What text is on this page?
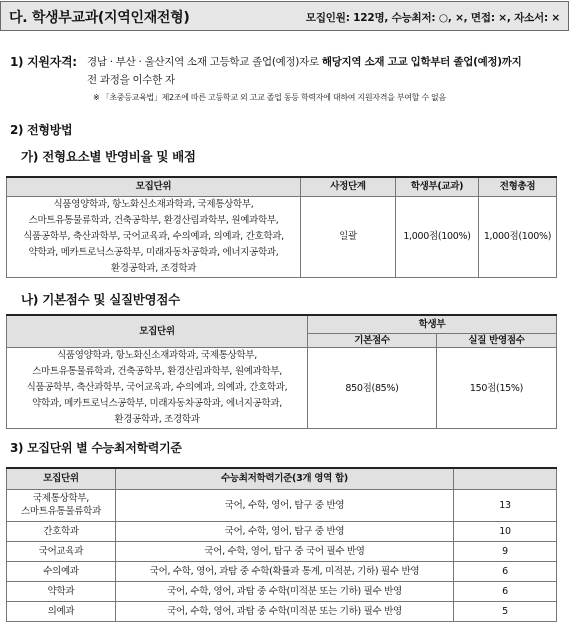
다. 학생부교과(지역인재전형)	모집인원: 122명, 수능최저: ○, ×, 면접: ×, 자소서: ×
1) 지원자격: 경남 · 부산 · 울산지역 소재 고등학교 졸업(예정)자로 해당지역 소재 고교 입학부터 졸업(예정)까지
전 과정을 이수한 자
※ 「초중등교육법」제2조에 따른 고등학교 외 고교 졸업 동등 학력자에 대하여 지원자격을 부여할 수 없음
2) 전형방법
가) 전형요소별 반영비율 및 배점
모집단위	사정단계	학생부(교과)	전형총점

식품영양학과, 항노화신소재과학과, 국제통상학부,
스마트유통물류학과, 건축공학부, 환경산림과학부, 원예과학부,
식품공학부, 축산과학부, 국어교육과, 수의예과, 의예과, 간호학과,
약학과, 메카트로닉스공학부, 미래자동차공학과, 에너지공학과,
환경공학과, 조경학과	일괄	1,000점(100%)	1,000점(100%)
나) 기본점수 및 실질반영점수
모집단위	학생부	
	기본점수	실질 반영점수

식품영양학과, 항노화신소재과학과, 국제통상학부,
스마트유통물류학과, 건축공학부, 환경산림과학부, 원예과학부,
식품공학부, 축산과학부, 국어교육과, 수의예과, 의예과, 간호학과,
약학과, 메카트로닉스공학부, 미래자동차공학과, 에너지공학과,
환경공학과, 조경학과	850점(85%)	150점(15%)
3) 모집단위 별 수능최저학력기준
모집단위	수능최저학력기준(3개 영역 합)	

국제통상학부,
스마트유통물류학과	국어, 수학, 영어, 탐구 중 반영	13
간호학과	국어, 수학, 영어, 탐구 중 반영	10
국어교육과	국어, 수학, 영어, 탐구 중 국어 필수 반영	9
수의예과	국어, 수학, 영어, 과탐 중 수학(확률과 통계, 미적분, 기하) 필수 반영	6
약학과	국어, 수학, 영어, 과탐 중 수학(미적분 또는 기하) 필수 반영	6
의예과	국어, 수학, 영어, 과탐 중 수학(미적분 또는 기하) 필수 반영	5
